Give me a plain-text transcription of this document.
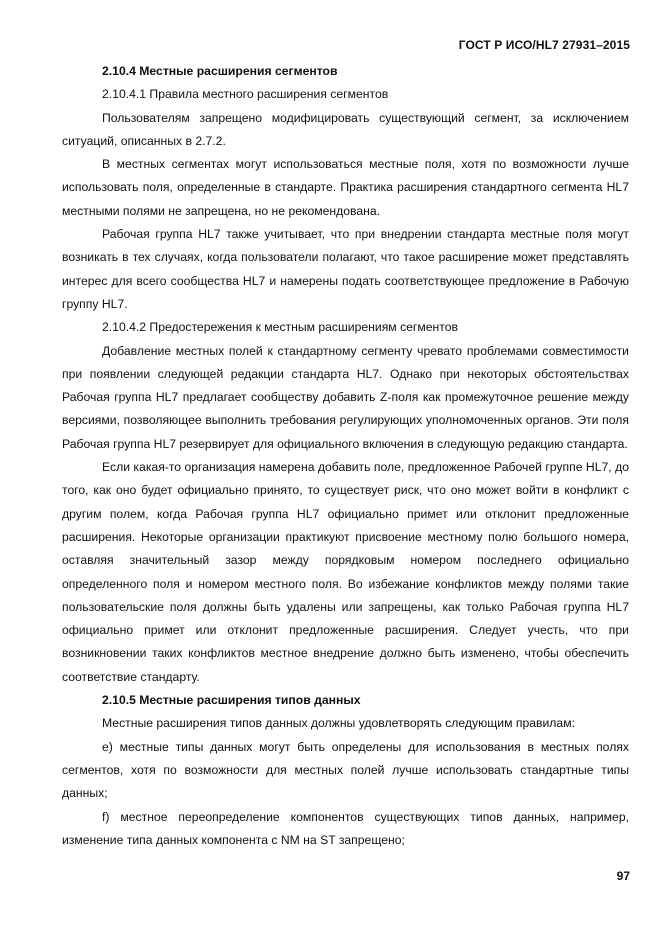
ГОСТ Р ИСО/HL7 27931–2015

2.10.4 Местные расширения сегментов

2.10.4.1 Правила местного расширения сегментов

Пользователям запрещено модифицировать существующий сегмент, за исключением ситуаций, описанных в 2.7.2.

В местных сегментах могут использоваться местные поля, хотя по возможности лучше использовать поля, определенные в стандарте. Практика расширения стандартного сегмента HL7 местными полями не запрещена, но не рекомендована.

Рабочая группа HL7 также учитывает, что при внедрении стандарта местные поля могут возникать в тех случаях, когда пользователи полагают, что такое расширение может представлять интерес для всего сообщества HL7 и намерены подать соответствующее предложение в Рабочую группу HL7.

2.10.4.2 Предостережения к местным расширениям сегментов

Добавление местных полей к стандартному сегменту чревато проблемами совместимости при появлении следующей редакции стандарта HL7. Однако при некоторых обстоятельствах Рабочая группа HL7 предлагает сообществу добавить Z-поля как промежуточное решение между версиями, позволяющее выполнить требования регулирующих уполномоченных органов. Эти поля Рабочая группа HL7 резервирует для официального включения в следующую редакцию стандарта.

Если какая-то организация намерена добавить поле, предложенное Рабочей группе HL7, до того, как оно будет официально принято, то существует риск, что оно может войти в конфликт с другим полем, когда Рабочая группа HL7 официально примет или отклонит предложенные расширения. Некоторые организации практикуют присвоение местному полю большого номера, оставляя значительный зазор между порядковым номером последнего официально определенного поля и номером местного поля. Во избежание конфликтов между полями такие пользовательские поля должны быть удалены или запрещены, как только Рабочая группа HL7 официально примет или отклонит предложенные расширения. Следует учесть, что при возникновении таких конфликтов местное внедрение должно быть изменено, чтобы обеспечить соответствие стандарту.

2.10.5 Местные расширения типов данных

Местные расширения типов данных должны удовлетворять следующим правилам:

e) местные типы данных могут быть определены для использования в местных полях сегментов, хотя по возможности для местных полей лучше использовать стандартные типы данных;

f) местное переопределение компонентов существующих типов данных, например, изменение типа данных компонента с NM на ST запрещено;

97
